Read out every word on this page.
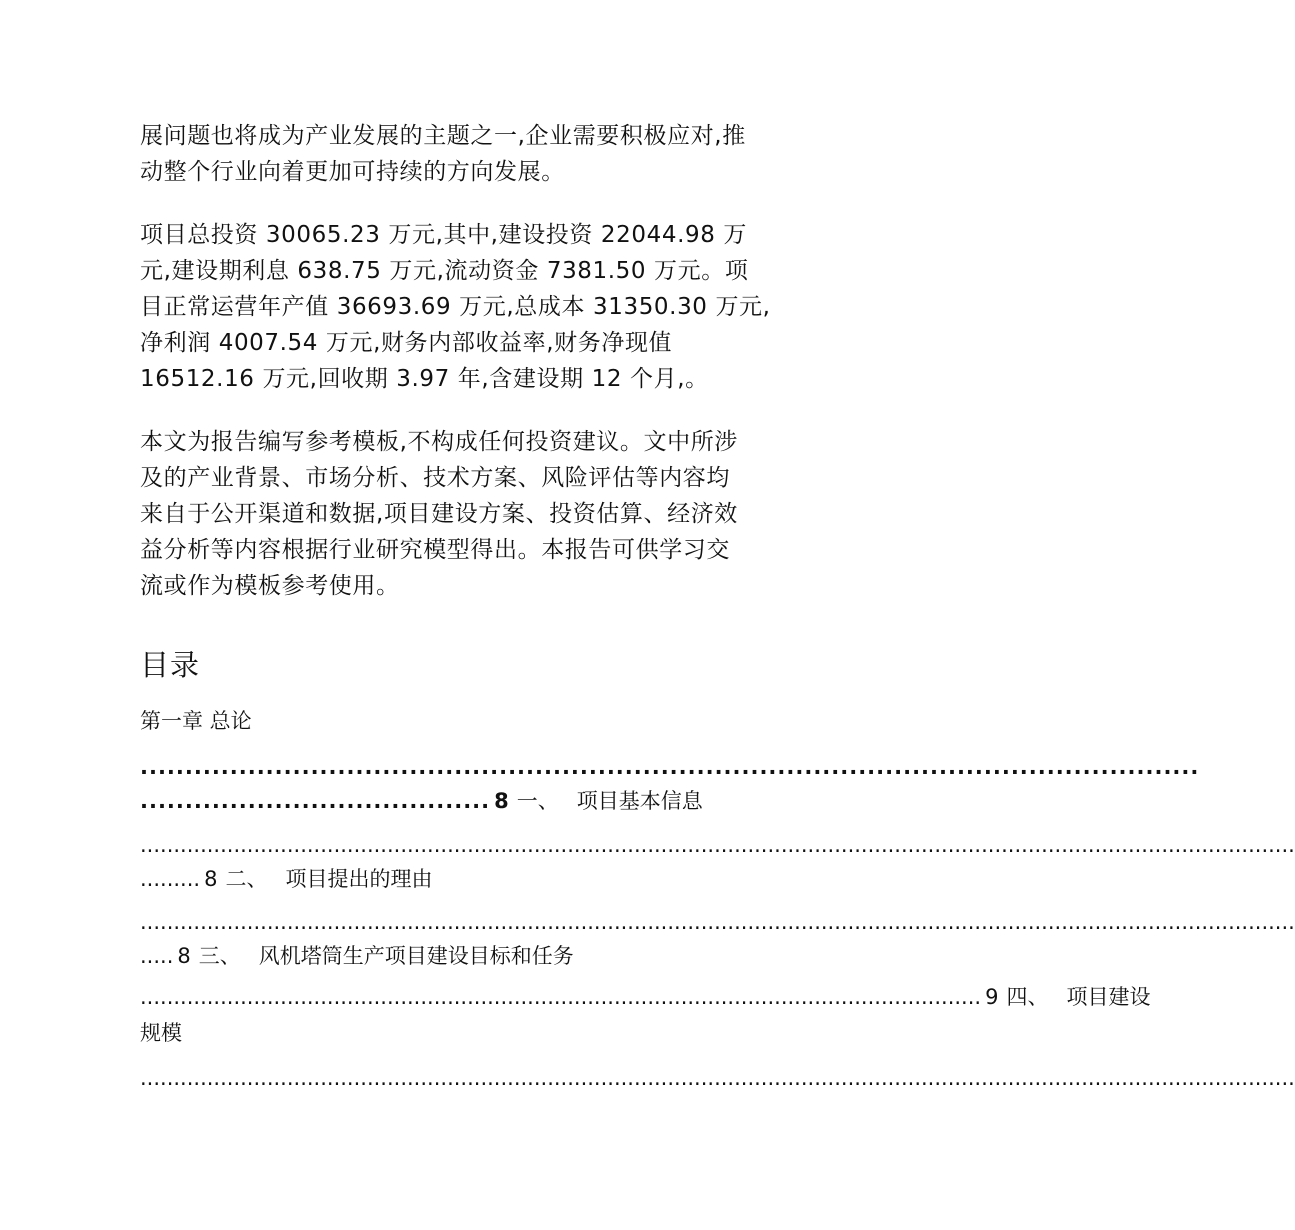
展问题也将成为产业发展的主题之一,企业需要积极应对,推
动整个行业向着更加可持续的方向发展。

项目总投资 30065.23 万元,其中,建设投资 22044.98 万
元,建设期利息 638.75 万元,流动资金 7381.50 万元。项
目正常运营年产值 36693.69 万元,总成本 31350.30 万元,
净利润 4007.54 万元,财务内部收益率,财务净现值
16512.16 万元,回收期 3.97 年,含建设期 12 个月,。

本文为报告编写参考模板,不构成任何投资建议。文中所涉
及的产业背景、市场分析、技术方案、风险评估等内容均
来自于公开渠道和数据,项目建设方案、投资估算、经济效
益分析等内容根据行业研究模型得出。本报告可供学习交
流或作为模板参考使用。

目录
第一章 总论
......................................................................................................................
....................................... 8 一、 项目基本信息
.............................................................................................................................................................................
......... 8 二、 项目提出的理由
.............................................................................................................................................................................
..... 8 三、 风机塔筒生产项目建设目标和任务
.............................................................................................................................. 9 四、 项目建设
规模
.............................................................................................................................................................................
